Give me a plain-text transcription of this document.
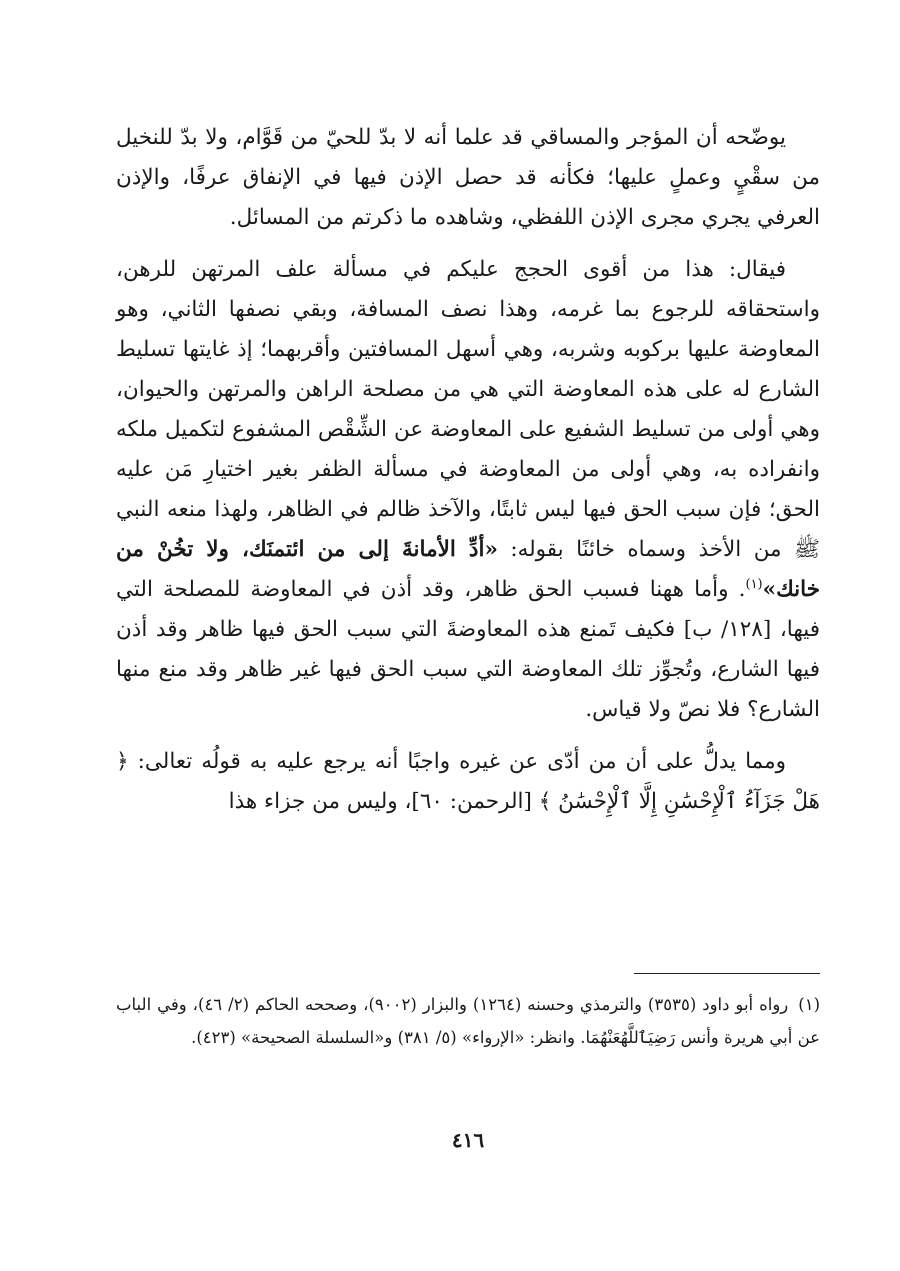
يوضّحه أن المؤجر والمساقي قد علما أنه لا بدّ للحيّ من قَوَّام، ولا بدّ للنخيل من سقْيٍ وعملٍ عليها؛ فكأنه قد حصل الإذن فيها في الإنفاق عرفًا، والإذن العرفي يجري مجرى الإذن اللفظي، وشاهده ما ذكرتم من المسائل.

فيقال: هذا من أقوى الحجج عليكم في مسألة علف المرتهن للرهن، واستحقاقه للرجوع بما غرمه، وهذا نصف المسافة، وبقي نصفها الثاني، وهو المعاوضة عليها بركوبه وشربه، وهي أسهل المسافتين وأقربهما؛ إذ غايتها تسليط الشارع له على هذه المعاوضة التي هي من مصلحة الراهن والمرتهن والحيوان، وهي أولى من تسليط الشفيع على المعاوضة عن الشِّقْص المشفوع لتكميل ملكه وانفراده به، وهي أولى من المعاوضة في مسألة الظفر بغير اختيارِ مَن عليه الحق؛ فإن سبب الحق فيها ليس ثابتًا، والآخذ ظالم في الظاهر، ولهذا منعه النبي ﷺ من الأخذ وسماه خائنًا بقوله: «أدِّ الأمانةَ إلى من ائتمنَك، ولا تخُنْ من خانك»$^{(١)}$. وأما ههنا فسبب الحق ظاهر، وقد أذن في المعاوضة للمصلحة التي فيها، [١٢٨/ ب] فكيف تَمنع هذه المعاوضةَ التي سبب الحق فيها ظاهر وقد أذن فيها الشارع، وتُجوِّز تلك المعاوضة التي سبب الحق فيها غير ظاهر وقد منع منها الشارع؟ فلا نصّ ولا قياس.

ومما يدلُّ على أن من أدّى عن غيره واجبًا أنه يرجع عليه به قولُه تعالى: ﴿ هَلْ جَزَآءُ ٱلْإِحْسَٰنِ إِلَّا ٱلْإِحْسَٰنُ ﴾ [الرحمن: ٦٠]، وليس من جزاء هذا

(١)رواه أبو داود (٣٥٣٥) والترمذي وحسنه (١٢٦٤) والبزار (٩٠٠٢)، وصححه الحاكم (٢/ ٤٦)، وفي الباب عن أبي هريرة وأنس رَضِيَٱللَّهُعَنْهُمَا. وانظر: «الإرواء» (٥/ ٣٨١) و«السلسلة الصحيحة» (٤٢٣).
٤١٦
